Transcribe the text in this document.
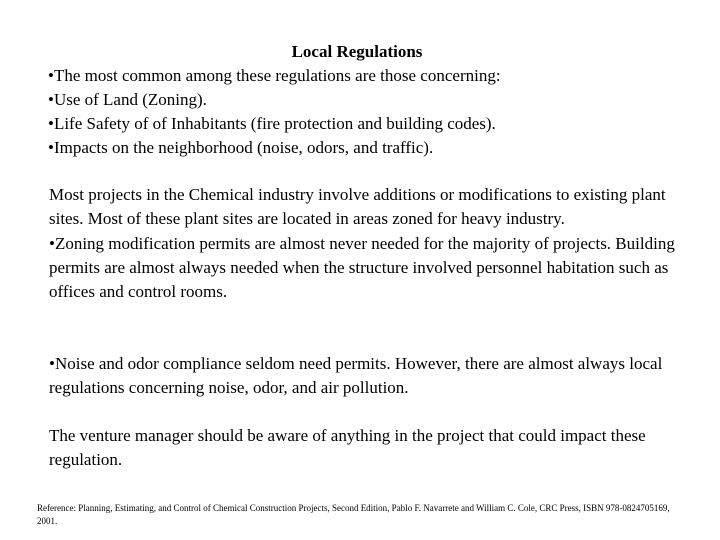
Local Regulations

•The most common among these regulations are those concerning:

•Use of Land (Zoning).

•Life Safety of of Inhabitants (fire protection and building codes).

•Impacts on the neighborhood (noise, odors, and traffic).

Most projects in the Chemical industry involve additions or modifications to existing plant sites. Most of these plant sites are located in areas zoned for heavy industry.

•Zoning modification permits are almost never needed for the majority of projects. Building permits are almost always needed when the structure involved personnel habitation such as offices and control rooms.

•Noise and odor compliance seldom need permits. However, there are almost always local regulations concerning noise, odor, and air pollution.

The venture manager should be aware of anything in the project that could impact these regulation.

Reference: Planning, Estimating, and Control of Chemical Construction Projects, Second Edition, Pablo F. Navarrete and William C. Cole, CRC Press, ISBN 978-0824705169, 2001.
